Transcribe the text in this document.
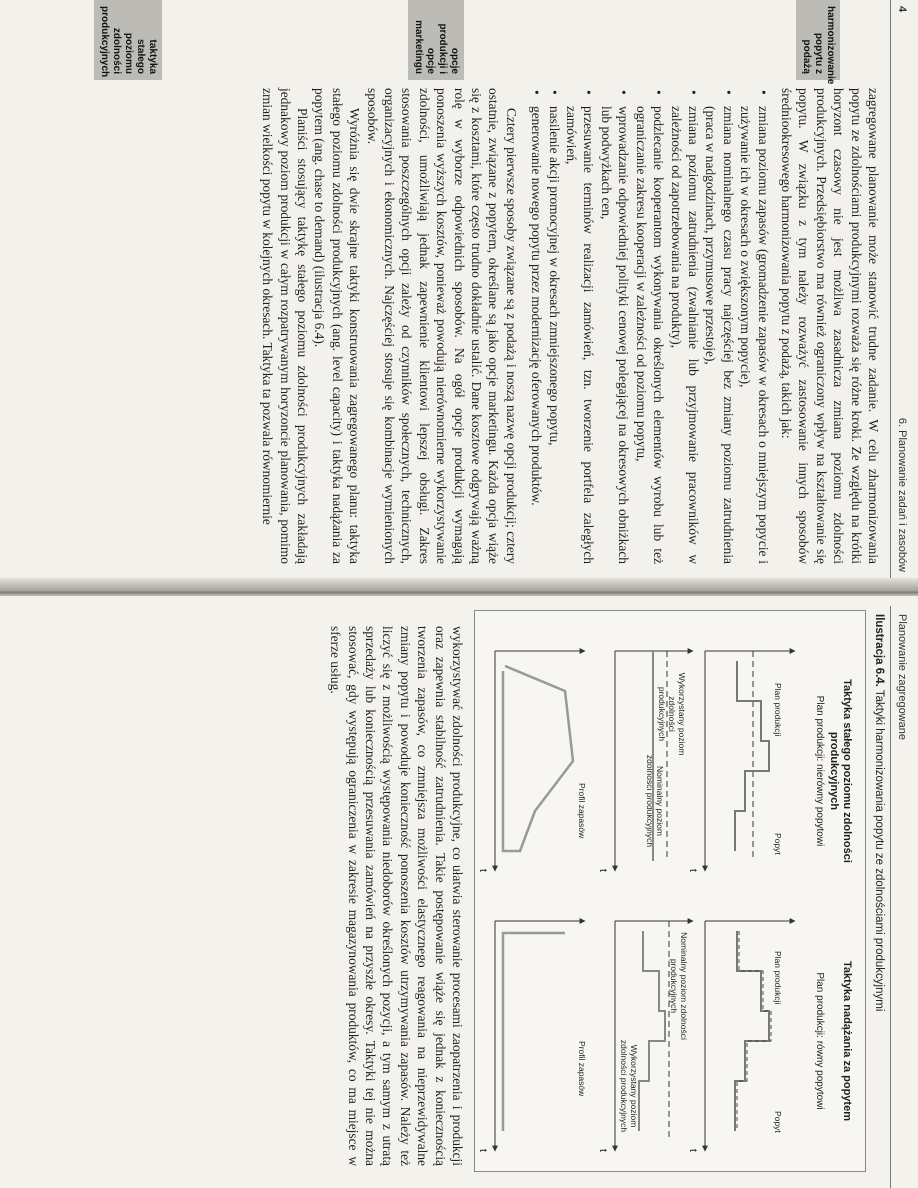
4
6. Planowanie zadań i zasobów
harmonizowanie popytu z podażą

zagregowane planowanie może stanowić trudne zadanie. W celu zharmonizowania popytu ze zdolnościami produkcyjnymi rozważa się różne kroki. Ze względu na krótki horyzont czasowy nie jest możliwa zasadnicza zmiana poziomu zdolności produkcyjnych. Przedsiębiorstwo ma również ograniczony wpływ na kształtowanie się popytu. W związku z tym należy rozważyć zastosowanie innych sposobów średniookresowego harmonizowania popytu z podażą, takich jak:

• zmiana poziomu zapasów (gromadzenie zapasów w okresach o mniejszym popycie i zużywanie ich w okresach o zwiększonym popycie),
• zmiana nominalnego czasu pracy najczęściej bez zmiany poziomu zatrudnienia (praca w nadgodzinach, przymusowe przestoje),
• zmiana poziomu zatrudnienia (zwalnianie lub przyjmowanie pracowników w zależności od zapotrzebowania na produkty),
• podzlecanie kooperantom wykonywania określonych elementów wyrobu lub też ograniczanie zakresu kooperacji w zależności od poziomu popytu,
• wprowadzanie odpowiedniej polityki cenowej polegającej na okresowych obniżkach lub podwyżkach cen,
• przesuwanie terminów realizacji zamówień, tzn. tworzenie portfela zaległych zamówień,
• nasilenie akcji promocyjnej w okresach zmniejszonego popytu,
• generowanie nowego popytu przez modernizację oferowanych produktów.

Cztery pierwsze sposoby związane są z podażą i noszą nazwę opcji produkcji; cztery ostatnie, związane z popytem, określane są jako opcje marketingu. Każda opcja wiąże się z kosztami, które często trudno dokładnie ustalić. Dane kosztowe odgrywają ważną rolę w wyborze odpowiednich sposobów. Na ogół opcje produkcji wymagają ponoszenia wyższych kosztów, ponieważ powodują nierównomierne wykorzystywanie zdolności, umożliwiają jednak zapewnienie klientowi lepszej obsługi. Zakres stosowania poszczególnych opcji zależy od czynników społecznych, technicznych, organizacyjnych i ekonomicznych. Najczęściej stosuje się kombinacje wymienionych sposobów.

Wyróżnia się dwie skrajne taktyki konstruowania zagregowanego planu: taktyka stałego poziomu zdolności produkcyjnych (ang. level capacity) i taktyka nadążania za popytem (ang. chase to demand) (ilustracja 6.4).

Planiści stosujący taktykę stałego poziomu zdolności produkcyjnych zakładają jednakowy poziom produkcji w całym rozpatrywanym horyzoncie planowania, pomimo zmian wielkości popytu w kolejnych okresach. Taktyka ta pozwala równomiernie

opcje produkcji i opcje marketingu
taktyka stałego poziomu zdolności produkcyjnych
Planowanie zagregowane
Ilustracja 6.4. Taktyki harmonizowania popytu ze zdolnościami produkcyjnymi
Taktyka stałego poziomu zdolności produkcyjnych
Plan produkcji: nierówny popytowi
Plan produkcji
Popyt
Wykorzystany poziom zdolności produkcyjnych
Nominalny poziom zdolności produkcyjnych
Profil zapasów
t
t
t
t
t
t
Taktyka nadążania za popytem
Plan produkcji: równy popytowi
Plan produkcji
Popyt
Nominalny poziom zdolności produkcyjnych
Wykorzystany poziom zdolności produkcyjnych
Profil zapasów

wykorzystywać zdolności produkcyjne, co ułatwia sterowanie procesami zaopatrzenia i produkcji oraz zapewnia stabilność zatrudnienia. Takie postępowanie wiąże się jednak z koniecznością tworzenia zapasów, co zmniejsza możliwości elastycznego reagowania na nieprzewidywalne zmiany popytu i powoduje konieczność ponoszenia kosztów utrzymywania zapasów. Należy też liczyć się z możliwością występowania niedoborów określonych pozycji, a tym samym z utratą sprzedaży lub koniecznością przesuwania zamówień na przyszłe okresy. Taktyki tej nie można stosować, gdy występują ograniczenia w zakresie magazynowania produktów, co ma miejsce w sferze usług.
